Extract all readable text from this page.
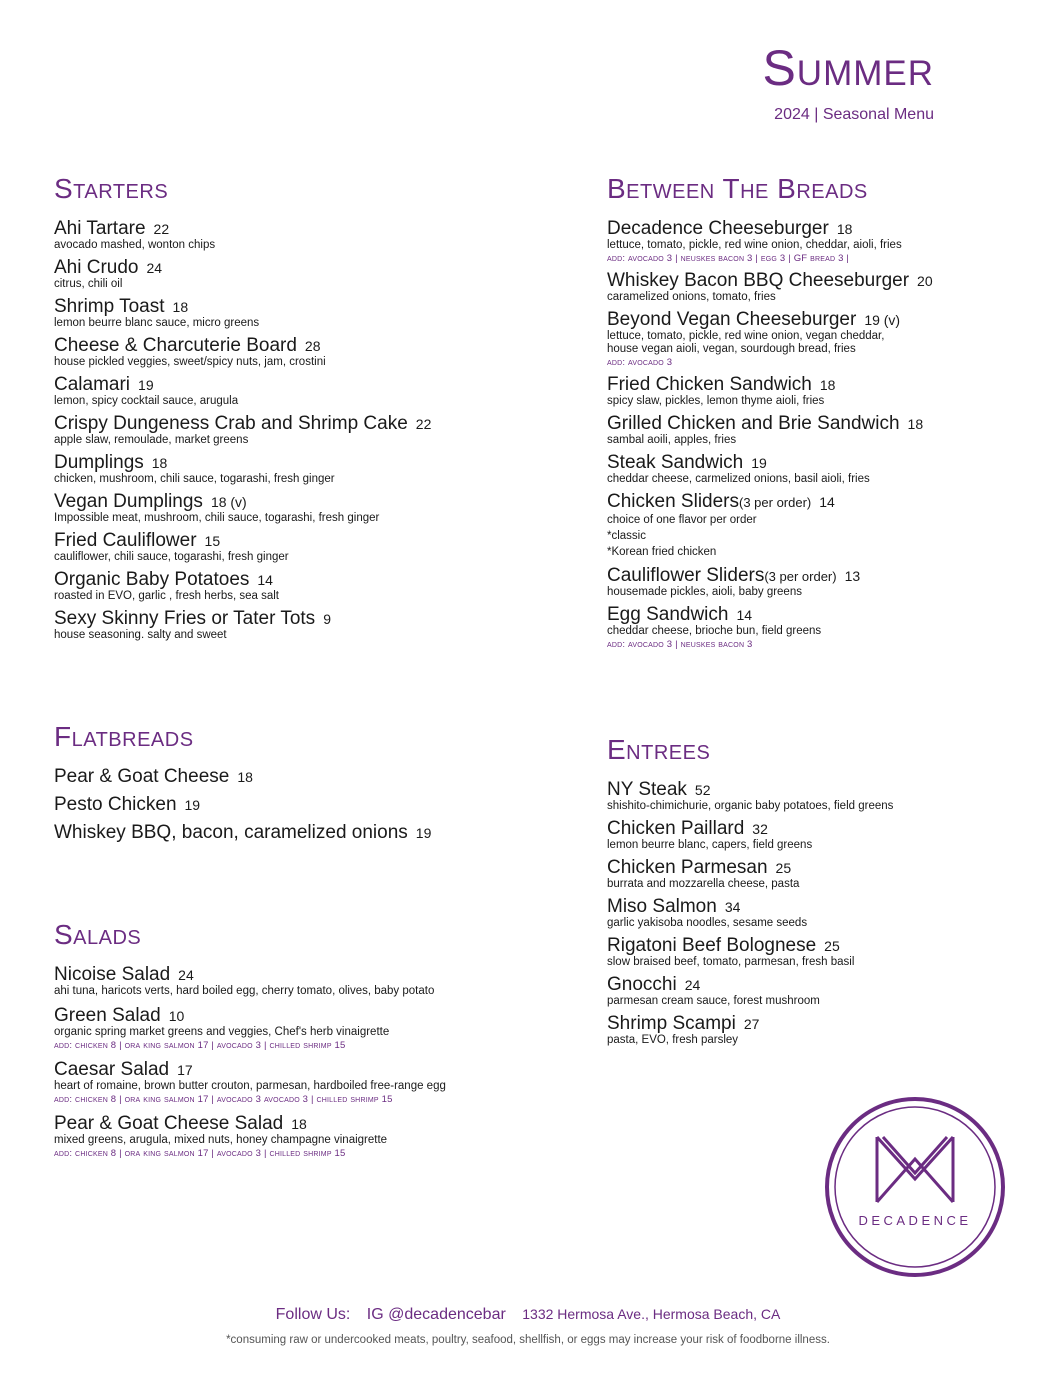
Summer
2024 | Seasonal Menu
Starters
Ahi Tartare 22
avocado mashed, wonton chips
Ahi Crudo 24
citrus, chili oil
Shrimp Toast 18
lemon beurre blanc sauce, micro greens
Cheese & Charcuterie Board 28
house pickled veggies, sweet/spicy nuts, jam, crostini
Calamari 19
lemon, spicy cocktail sauce, arugula
Crispy Dungeness Crab and Shrimp Cake 22
apple slaw, remoulade, market greens
Dumplings 18
chicken, mushroom, chili sauce, togarashi, fresh ginger
Vegan Dumplings 18 (v)
Impossible meat, mushroom, chili sauce, togarashi, fresh ginger
Fried Cauliflower 15
cauliflower, chili sauce, togarashi, fresh ginger
Organic Baby Potatoes 14
roasted in EVO, garlic , fresh herbs, sea salt
Sexy Skinny Fries or Tater Tots 9
house seasoning. salty and sweet
Between The Breads
Decadence Cheeseburger 18
lettuce, tomato, pickle, red wine onion, cheddar, aioli, fries
add: avocado 3 | neuskes bacon 3 | egg 3 | GF bread 3 |
Whiskey Bacon BBQ Cheeseburger 20
caramelized onions, tomato, fries
Beyond Vegan Cheeseburger 19 (v)
lettuce, tomato, pickle, red wine onion, vegan cheddar,
house vegan aioli, vegan, sourdough bread, fries
add: avocado 3
Fried Chicken Sandwich 18
spicy slaw, pickles, lemon thyme aioli, fries
Grilled Chicken and Brie Sandwich 18
sambal aoili, apples, fries
Steak Sandwich 19
cheddar cheese, carmelized onions, basil aioli, fries
Chicken Sliders(3 per order) 14
choice of one flavor per order
*classic
*Korean fried chicken
Cauliflower Sliders(3 per order) 13
housemade pickles, aioli, baby greens
Egg Sandwich 14
cheddar cheese, brioche bun, field greens
add: avocado 3 | neuskes bacon 3
Flatbreads
Pear & Goat Cheese 18
Pesto Chicken 19
Whiskey BBQ, bacon, caramelized onions 19
Entrees
NY Steak 52
shishito-chimichurie, organic baby potatoes, field greens
Chicken Paillard 32
lemon beurre blanc, capers, field greens
Chicken Parmesan 25
burrata and mozzarella cheese, pasta
Miso Salmon 34
garlic yakisoba noodles, sesame seeds
Rigatoni Beef Bolognese 25
slow braised beef, tomato, parmesan, fresh basil
Gnocchi 24
parmesan cream sauce, forest mushroom
Shrimp Scampi 27
pasta, EVO, fresh parsley
Salads
Nicoise Salad 24
ahi tuna, haricots verts, hard boiled egg, cherry tomato, olives, baby potato
Green Salad 10
organic spring market greens and veggies, Chef's herb vinaigrette
add: chicken 8 | ora king salmon 17 | avocado 3 | chilled shrimp 15
Caesar Salad 17
heart of romaine, brown butter crouton, parmesan, hardboiled free-range egg
add: chicken 8 | ora king salmon 17 | avocado 3 avocado 3 | chilled shrimp 15
Pear & Goat Cheese Salad 18
mixed greens, arugula, mixed nuts, honey champagne vinaigrette
add: chicken 8 | ora king salmon 17 | avocado 3 | chilled shrimp 15
DECADENCE
Follow Us: IG @decadencebar 1332 Hermosa Ave., Hermosa Beach, CA
*consuming raw or undercooked meats, poultry, seafood, shellfish, or eggs may increase your risk of foodborne illness.
